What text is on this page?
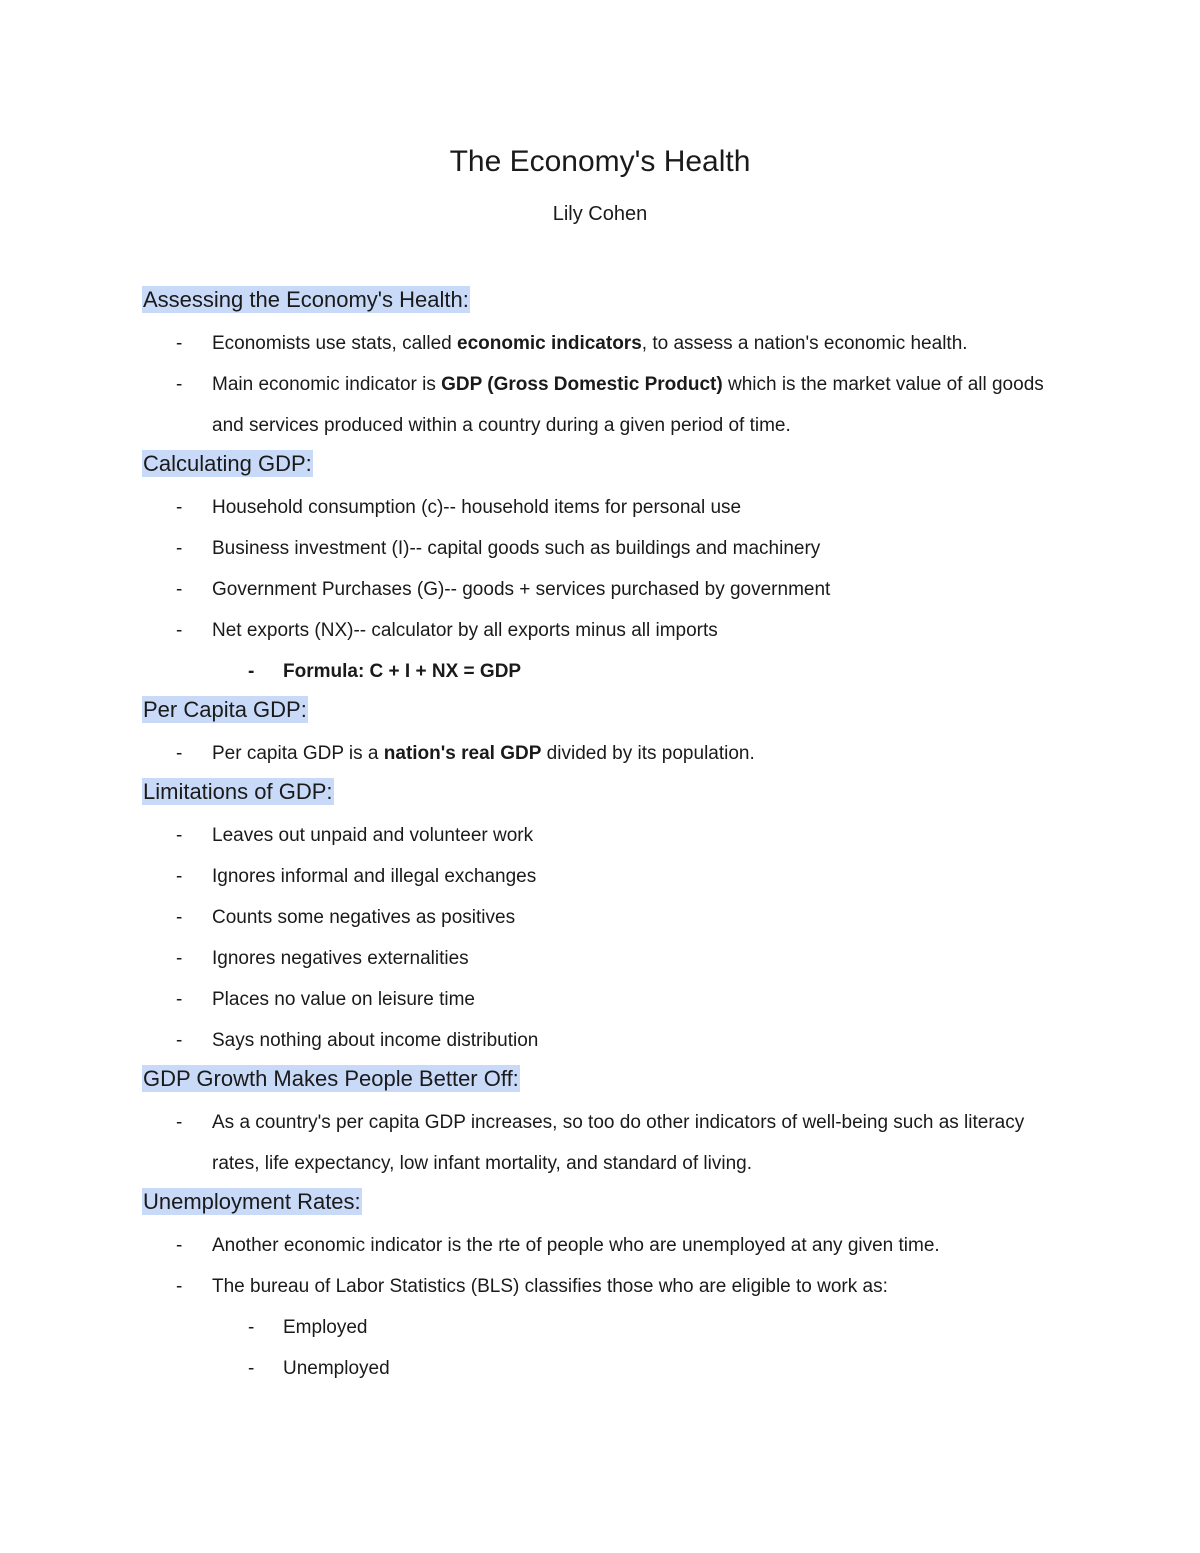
The Economy's Health
Lily Cohen
Assessing the Economy's Health:
- Economists use stats, called economic indicators, to assess a nation's economic health.
- Main economic indicator is GDP (Gross Domestic Product) which is the market value of all goods and services produced within a country during a given period of time.
Calculating GDP:
- Household consumption (c)-- household items for personal use
- Business investment (I)-- capital goods such as buildings and machinery
- Government Purchases (G)-- goods + services purchased by government
- Net exports (NX)-- calculator by all exports minus all imports
- Formula: C + I + NX = GDP
Per Capita GDP:
- Per capita GDP is a nation's real GDP divided by its population.
Limitations of GDP:
- Leaves out unpaid and volunteer work
- Ignores informal and illegal exchanges
- Counts some negatives as positives
- Ignores negatives externalities
- Places no value on leisure time
- Says nothing about income distribution
GDP Growth Makes People Better Off:
- As a country's per capita GDP increases, so too do other indicators of well-being such as literacy rates, life expectancy, low infant mortality, and standard of living.
Unemployment Rates:
- Another economic indicator is the rte of people who are unemployed at any given time.
- The bureau of Labor Statistics (BLS) classifies those who are eligible to work as:
- Employed
- Unemployed
